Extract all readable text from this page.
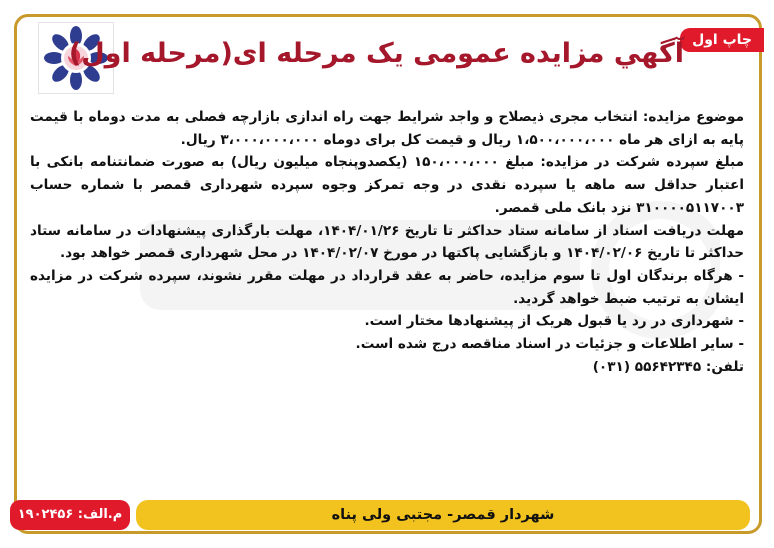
چاپ اول
آگهي مزايده عمومی يک مرحله ای(مرحله اول)

موضوع مزايده: انتخاب مجری ذيصلاح و واجد شرايط جهت راه اندازی بازارچه فصلی به مدت دوماه با قيمت پايه به ازای هر ماه ۱،۵۰۰،۰۰۰،۰۰۰ ريال و قيمت کل برای دوماه ۳،۰۰۰،۰۰۰،۰۰۰ ريال.

مبلغ سپرده شرکت در مزايده: مبلغ ۱۵۰،۰۰۰،۰۰۰ (يکصدوپنجاه ميليون ريال) به صورت ضمانتنامه بانکی با اعتبار حداقل سه ماهه يا سپرده نقدی در وجه تمرکز وجوه سپرده شهرداری قمصر با شماره حساب ۳۱۰۰۰۰۵۱۱۷۰۰۳ نزد بانک ملی قمصر.

مهلت دريافت اسناد از سامانه ستاد حداکثر تا تاريخ ۱۴۰۴/۰۱/۲۶، مهلت بارگذاری پيشنهادات در سامانه ستاد حداکثر تا تاريخ ۱۴۰۴/۰۲/۰۶ و بازگشايی پاکتها در مورخ ۱۴۰۴/۰۲/۰۷ در محل شهرداری قمصر خواهد بود.

- هرگاه برندگان اول تا سوم مزايده، حاضر به عقد قرارداد در مهلت مقرر نشوند، سپرده شرکت در مزايده ايشان به ترتيب ضبط خواهد گرديد.

- شهرداری در رد يا قبول هريک از پيشنهادها مختار است.

- ساير اطلاعات و جزئيات در اسناد مناقصه درج شده است.

تلفن: ۵۵۶۴۲۳۴۵ (۰۳۱)

شهردار قمصر- مجتبی ولی پناه
م.الف: ۱۹۰۲۴۵۶
